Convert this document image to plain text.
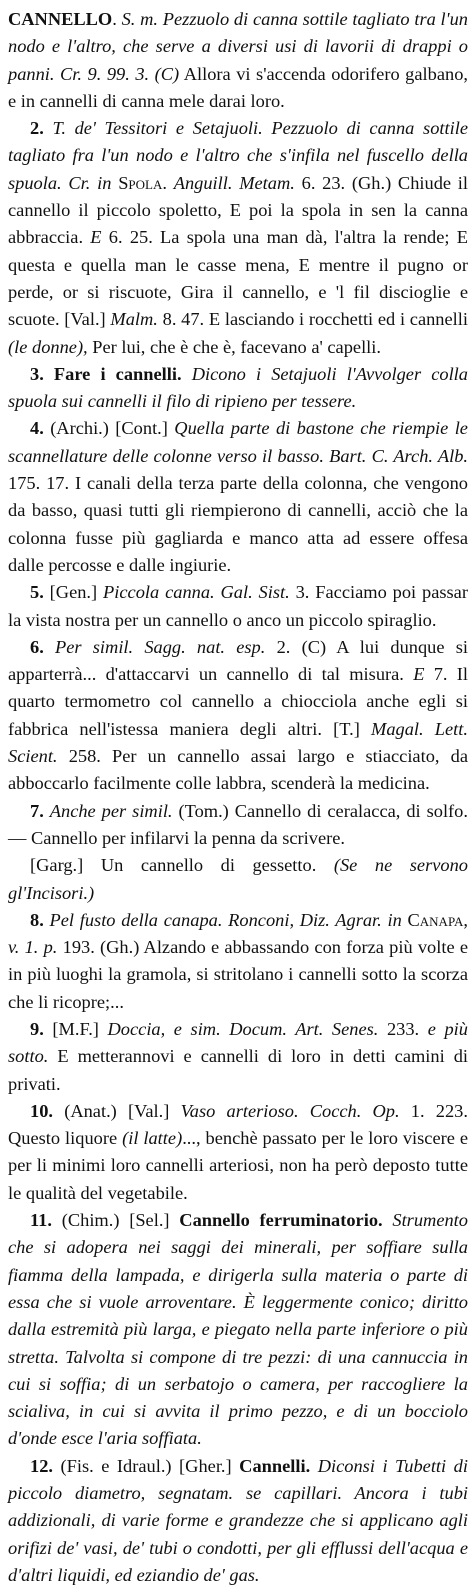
CANNELLO. S. m. Pezzuolo di canna sottile tagliato tra l'un nodo e l'altro, che serve a diversi usi di lavorii di drappi o panni. Cr. 9. 99. 3. (C) Allora vi s'accenda odorifero galbano, e in cannelli di canna mele darai loro.

2. T. de' Tessitori e Setajuoli. Pezzuolo di canna sottile tagliato fra l'un nodo e l'altro che s'infila nel fuscello della spuola. Cr. in Spola. Anguill. Metam. 6. 23. (Gh.) Chiude il cannello il piccolo spoletto, E poi la spola in sen la canna abbraccia. E 6. 25. La spola una man dà, l'altra la rende; E questa e quella man le casse mena, E mentre il pugno or perde, or si riscuote, Gira il cannello, e 'l fil discioglie e scuote. [Val.] Malm. 8. 47. E lasciando i rocchetti ed i cannelli (le donne), Per lui, che è che è, facevano a' capelli.

3. Fare i cannelli. Dicono i Setajuoli l'Avvolger colla spuola sui cannelli il filo di ripieno per tessere.

4. (Archi.) [Cont.] Quella parte di bastone che riempie le scannellature delle colonne verso il basso. Bart. C. Arch. Alb. 175. 17. I canali della terza parte della colonna, che vengono da basso, quasi tutti gli riempierono di cannelli, acciò che la colonna fusse più gagliarda e manco atta ad essere offesa dalle percosse e dalle ingiurie.

5. [Gen.] Piccola canna. Gal. Sist. 3. Facciamo poi passar la vista nostra per un cannello o anco un piccolo spiraglio.

6. Per simil. Sagg. nat. esp. 2. (C) A lui dunque si apparterrà... d'attaccarvi un cannello di tal misura. E 7. Il quarto termometro col cannello a chiocciola anche egli si fabbrica nell'istessa maniera degli altri. [T.] Magal. Lett. Scient. 258. Per un cannello assai largo e stiacciato, da abboccarlo facilmente colle labbra, scenderà la medicina.

7. Anche per simil. (Tom.) Cannello di ceralacca, di solfo. — Cannello per infilarvi la penna da scrivere.

[Garg.] Un cannello di gessetto. (Se ne servono gl'Incisori.)

8. Pel fusto della canapa. Ronconi, Diz. Agrar. in Canapa, v. 1. p. 193. (Gh.) Alzando e abbassando con forza più volte e in più luoghi la gramola, si stritolano i cannelli sotto la scorza che li ricopre;...

9. [M.F.] Doccia, e sim. Docum. Art. Senes. 233. e più sotto. E metterannovi e cannelli di loro in detti camini di privati.

10. (Anat.) [Val.] Vaso arterioso. Cocch. Op. 1. 223. Questo liquore (il latte)..., benchè passato per le loro viscere e per li minimi loro cannelli arteriosi, non ha però deposto tutte le qualità del vegetabile.

11. (Chim.) [Sel.] Cannello ferruminatorio. Strumento che si adopera nei saggi dei minerali, per soffiare sulla fiamma della lampada, e dirigerla sulla materia o parte di essa che si vuole arroventare. È leggermente conico; diritto dalla estremità più larga, e piegato nella parte inferiore o più stretta. Talvolta si compone di tre pezzi: di una cannuccia in cui si soffia; di un serbatojo o camera, per raccogliere la scialiva, in cui si avvita il primo pezzo, e di un bocciolo d'onde esce l'aria soffiata.

12. (Fis. e Idraul.) [Gher.] Cannelli. Diconsi i Tubetti di piccolo diametro, segnatam. se capillari. Ancora i tubi addizionali, di varie forme e grandezze che si applicano agli orifizi de' vasi, de' tubi o condotti, per gli efflussi dell'acqua e d'altri liquidi, ed eziandio de' gas.
